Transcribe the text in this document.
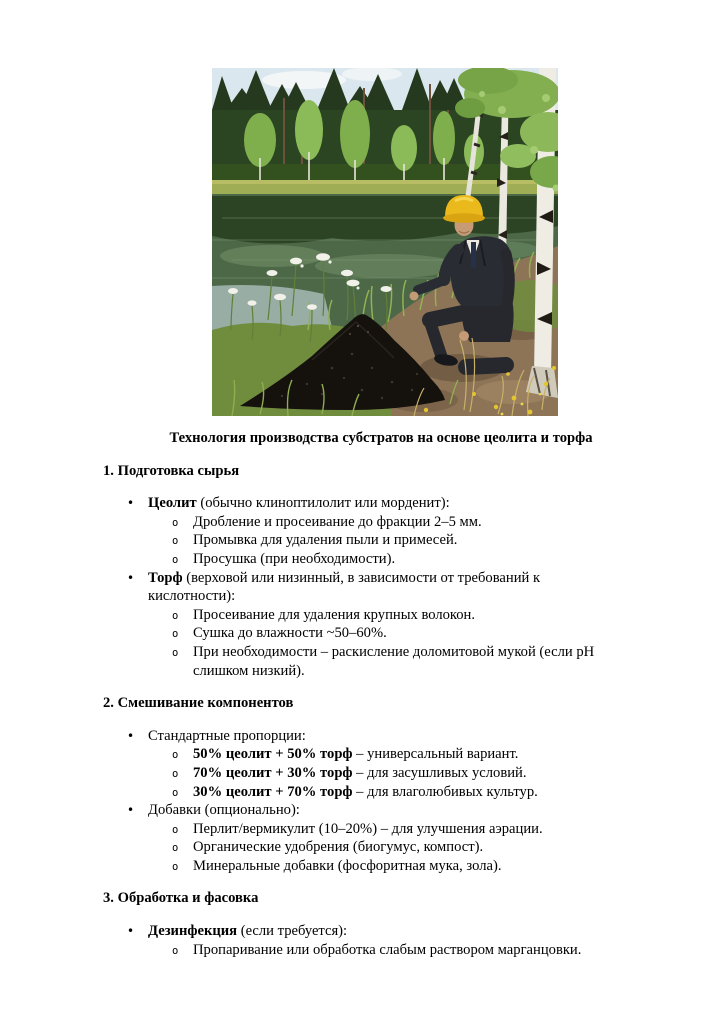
Технология производства субстратов на основе цеолита и торфа

1. Подготовка сырья
• Цеолит (обычно клиноптилолит или морденит):
o Дробление и просеивание до фракции 2–5 мм.
o Промывка для удаления пыли и примесей.
o Просушка (при необходимости).
• Торф (верховой или низинный, в зависимости от требований к кислотности):
o Просеивание для удаления крупных волокон.
o Сушка до влажности ~50–60%.
o При необходимости – раскисление доломитовой мукой (если pH слишком низкий).
2. Смешивание компонентов
• Стандартные пропорции:
o 50% цеолит + 50% торф – универсальный вариант.
o 70% цеолит + 30% торф – для засушливых условий.
o 30% цеолит + 70% торф – для влаголюбивых культур.
• Добавки (опционально):
o Перлит/вермикулит (10–20%) – для улучшения аэрации.
o Органические удобрения (биогумус, компост).
o Минеральные добавки (фосфоритная мука, зола).
3. Обработка и фасовка
• Дезинфекция (если требуется):
o Пропаривание или обработка слабым раствором марганцовки.
